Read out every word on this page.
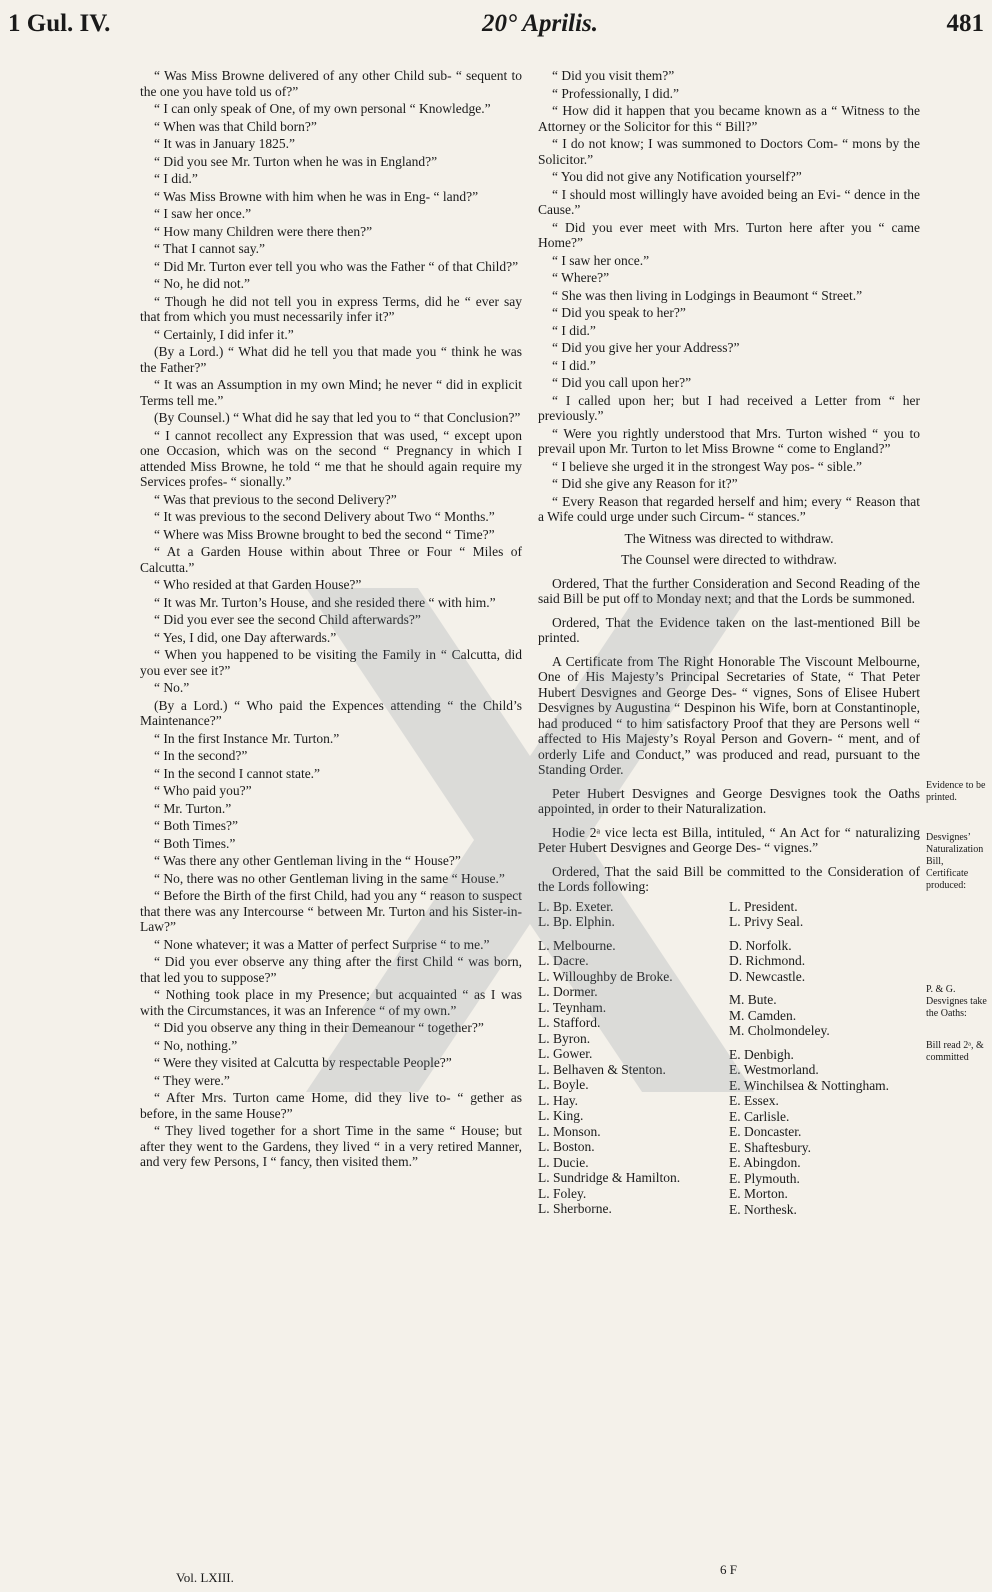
1 Gul. IV.	20° Aprilis.	481

“ Was Miss Browne delivered of any other Child sub- “ sequent to the one you have told us of?”

“ I can only speak of One, of my own personal “ Knowledge.”

“ When was that Child born?”

“ It was in January 1825.”

“ Did you see Mr. Turton when he was in England?”

“ I did.”

“ Was Miss Browne with him when he was in Eng- “ land?”

“ I saw her once.”

“ How many Children were there then?”

“ That I cannot say.”

“ Did Mr. Turton ever tell you who was the Father “ of that Child?”

“ No, he did not.”

“ Though he did not tell you in express Terms, did he “ ever say that from which you must necessarily infer it?”

“ Certainly, I did infer it.”

(By a Lord.) “ What did he tell you that made you “ think he was the Father?”

“ It was an Assumption in my own Mind; he never “ did in explicit Terms tell me.”

(By Counsel.) “ What did he say that led you to “ that Conclusion?”

“ I cannot recollect any Expression that was used, “ except upon one Occasion, which was on the second “ Pregnancy in which I attended Miss Browne, he told “ me that he should again require my Services profes- “ sionally.”

“ Was that previous to the second Delivery?”

“ It was previous to the second Delivery about Two “ Months.”

“ Where was Miss Browne brought to bed the second “ Time?”

“ At a Garden House within about Three or Four “ Miles of Calcutta.”

“ Who resided at that Garden House?”

“ It was Mr. Turton’s House, and she resided there “ with him.”

“ Did you ever see the second Child afterwards?”

“ Yes, I did, one Day afterwards.”

“ When you happened to be visiting the Family in “ Calcutta, did you ever see it?”

“ No.”

(By a Lord.) “ Who paid the Expences attending “ the Child’s Maintenance?”

“ In the first Instance Mr. Turton.”

“ In the second?”

“ In the second I cannot state.”

“ Who paid you?”

“ Mr. Turton.”

“ Both Times?”

“ Both Times.”

“ Was there any other Gentleman living in the “ House?”

“ No, there was no other Gentleman living in the same “ House.”

“ Before the Birth of the first Child, had you any “ reason to suspect that there was any Intercourse “ between Mr. Turton and his Sister-in-Law?”

“ None whatever; it was a Matter of perfect Surprise “ to me.”

“ Did you ever observe any thing after the first Child “ was born, that led you to suppose?”

“ Nothing took place in my Presence; but acquainted “ as I was with the Circumstances, it was an Inference “ of my own.”

“ Did you observe any thing in their Demeanour “ together?”

“ No, nothing.”

“ Were they visited at Calcutta by respectable People?”

“ They were.”

“ After Mrs. Turton came Home, did they live to- “ gether as before, in the same House?”

“ They lived together for a short Time in the same “ House; but after they went to the Gardens, they lived “ in a very retired Manner, and very few Persons, I “ fancy, then visited them.”

“ Did you visit them?”

“ Professionally, I did.”

“ How did it happen that you became known as a “ Witness to the Attorney or the Solicitor for this “ Bill?”

“ I do not know; I was summoned to Doctors Com- “ mons by the Solicitor.”

“ You did not give any Notification yourself?”

“ I should most willingly have avoided being an Evi- “ dence in the Cause.”

“ Did you ever meet with Mrs. Turton here after you “ came Home?”

“ I saw her once.”

“ Where?”

“ She was then living in Lodgings in Beaumont “ Street.”

“ Did you speak to her?”

“ I did.”

“ Did you give her your Address?”

“ I did.”

“ Did you call upon her?”

“ I called upon her; but I had received a Letter from “ her previously.”

“ Were you rightly understood that Mrs. Turton wished “ you to prevail upon Mr. Turton to let Miss Browne “ come to England?”

“ I believe she urged it in the strongest Way pos- “ sible.”

“ Did she give any Reason for it?”

“ Every Reason that regarded herself and him; every “ Reason that a Wife could urge under such Circum- “ stances.”

The Witness was directed to withdraw.

The Counsel were directed to withdraw.

Ordered, That the further Consideration and Second Reading of the said Bill be put off to Monday next; and that the Lords be summoned.

Ordered, That the Evidence taken on the last-mentioned Bill be printed.

A Certificate from The Right Honorable The Viscount Melbourne, One of His Majesty’s Principal Secretaries of State, “ That Peter Hubert Desvignes and George Des- “ vignes, Sons of Elisee Hubert Desvignes by Augustina “ Despinon his Wife, born at Constantinople, had produced “ to him satisfactory Proof that they are Persons well “ affected to His Majesty’s Royal Person and Govern- “ ment, and of orderly Life and Conduct,” was produced and read, pursuant to the Standing Order.

Peter Hubert Desvignes and George Desvignes took the Oaths appointed, in order to their Naturalization.

Hodie 2ᵃ vice lecta est Billa, intituled, “ An Act for “ naturalizing Peter Hubert Desvignes and George Des- “ vignes.”

Ordered, That the said Bill be committed to the Consideration of the Lords following:

L. Bp. Exeter.
L. Bp. Elphin.
L. Melbourne.
L. Dacre.
L. Willoughby de Broke.
L. Dormer.
L. Teynham.
L. Stafford.
L. Byron.
L. Gower.
L. Belhaven & Stenton.
L. Boyle.
L. Hay.
L. King.
L. Monson.
L. Boston.
L. Ducie.
L. Sundridge & Hamilton.
L. Foley.
L. Sherborne.
L. President.
L. Privy Seal.
D. Norfolk.
D. Richmond.
D. Newcastle.
M. Bute.
M. Camden.
M. Cholmondeley.
E. Denbigh.
E. Westmorland.
E. Winchilsea & Nottingham.
E. Essex.
E. Carlisle.
E. Doncaster.
E. Shaftesbury.
E. Abingdon.
E. Plymouth.
E. Morton.
E. Northesk.
Evidence to be printed.
Desvignes’ Naturalization Bill, Certificate produced:
P. & G. Desvignes take the Oaths:
Bill read 2ᵃ, & committed
Vol. LXIII.
6 F
